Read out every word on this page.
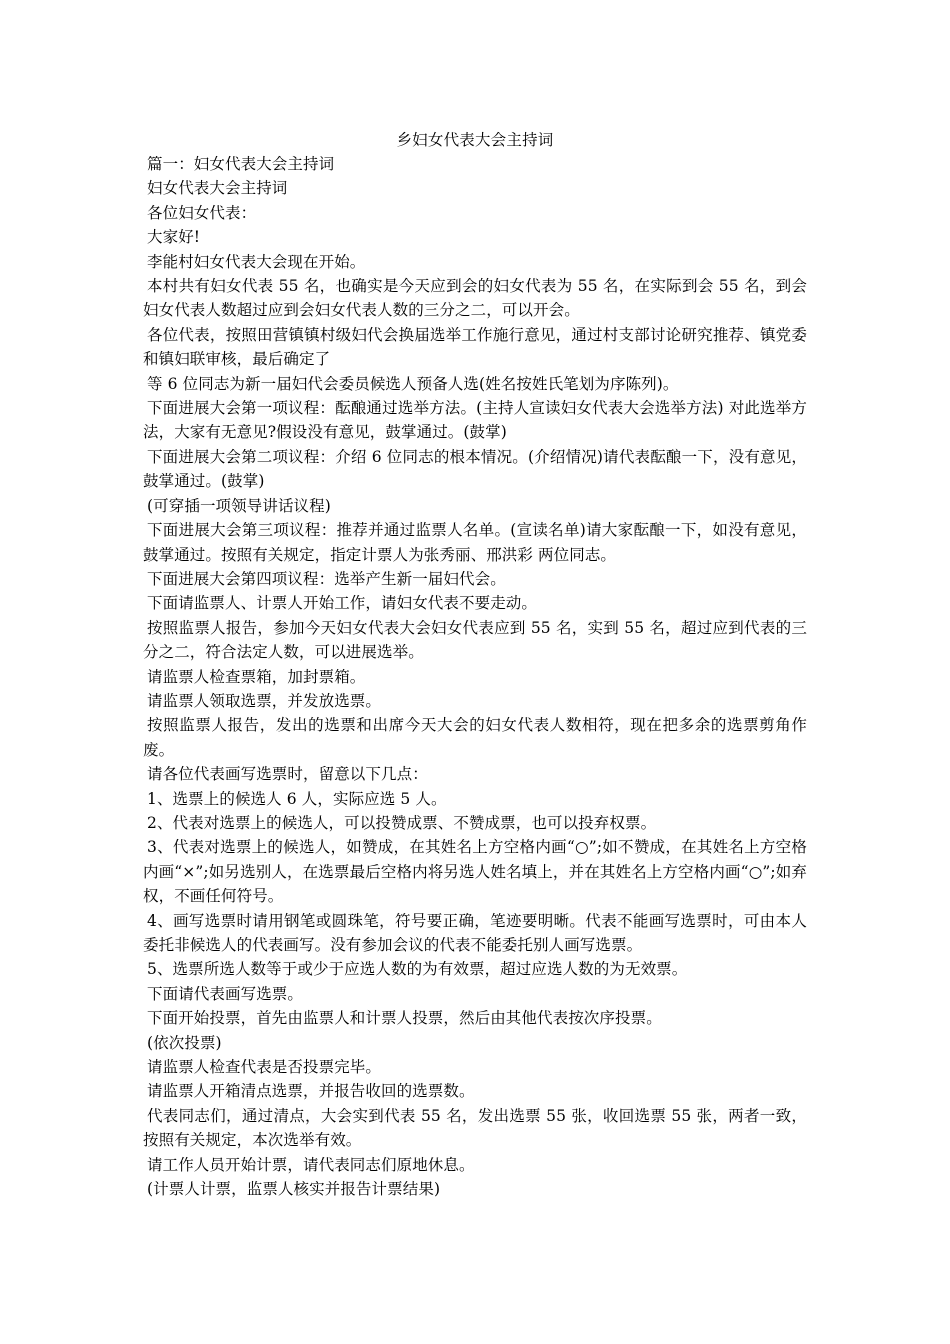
乡妇女代表大会主持词

篇一：妇女代表大会主持词

妇女代表大会主持词

各位妇女代表：

大家好!

李能村妇女代表大会现在开始。

本村共有妇女代表 55 名，也确实是今天应到会的妇女代表为 55 名，在实际到会 55 名，到会妇女代表人数超过应到会妇女代表人数的三分之二，可以开会。

各位代表，按照田营镇镇村级妇代会换届选举工作施行意见，通过村支部讨论研究推荐、镇党委和镇妇联审核，最后确定了

等 6 位同志为新一届妇代会委员候选人预备人选(姓名按姓氏笔划为序陈列)。

下面进展大会第一项议程：酝酿通过选举方法。(主持人宣读妇女代表大会选举方法) 对此选举方法，大家有无意见?假设没有意见，鼓掌通过。(鼓掌)

下面进展大会第二项议程：介绍 6 位同志的根本情况。(介绍情况)请代表酝酿一下，没有意见，鼓掌通过。(鼓掌)

(可穿插一项领导讲话议程)

下面进展大会第三项议程：推荐并通过监票人名单。(宣读名单)请大家酝酿一下，如没有意见，鼓掌通过。按照有关规定，指定计票人为张秀丽、邢洪彩 两位同志。

下面进展大会第四项议程：选举产生新一届妇代会。

下面请监票人、计票人开始工作，请妇女代表不要走动。

按照监票人报告，参加今天妇女代表大会妇女代表应到 55 名，实到 55 名，超过应到代表的三分之二，符合法定人数，可以进展选举。

请监票人检查票箱，加封票箱。

请监票人领取选票，并发放选票。

按照监票人报告，发出的选票和出席今天大会的妇女代表人数相符，现在把多余的选票剪角作废。

请各位代表画写选票时，留意以下几点：

1、选票上的候选人 6 人，实际应选 5 人。

2、代表对选票上的候选人，可以投赞成票、不赞成票，也可以投弃权票。

3、代表对选票上的候选人，如赞成，在其姓名上方空格内画“○”;如不赞成，在其姓名上方空格内画“×”;如另选别人，在选票最后空格内将另选人姓名填上，并在其姓名上方空格内画“○”;如弃权，不画任何符号。

4、画写选票时请用钢笔或圆珠笔，符号要正确，笔迹要明晰。代表不能画写选票时，可由本人委托非候选人的代表画写。没有参加会议的代表不能委托别人画写选票。

5、选票所选人数等于或少于应选人数的为有效票，超过应选人数的为无效票。

下面请代表画写选票。

下面开始投票，首先由监票人和计票人投票，然后由其他代表按次序投票。

(依次投票)

请监票人检查代表是否投票完毕。

请监票人开箱清点选票，并报告收回的选票数。

代表同志们，通过清点，大会实到代表 55 名，发出选票 55 张，收回选票 55 张，两者一致，按照有关规定，本次选举有效。

请工作人员开始计票，请代表同志们原地休息。

(计票人计票，监票人核实并报告计票结果)
